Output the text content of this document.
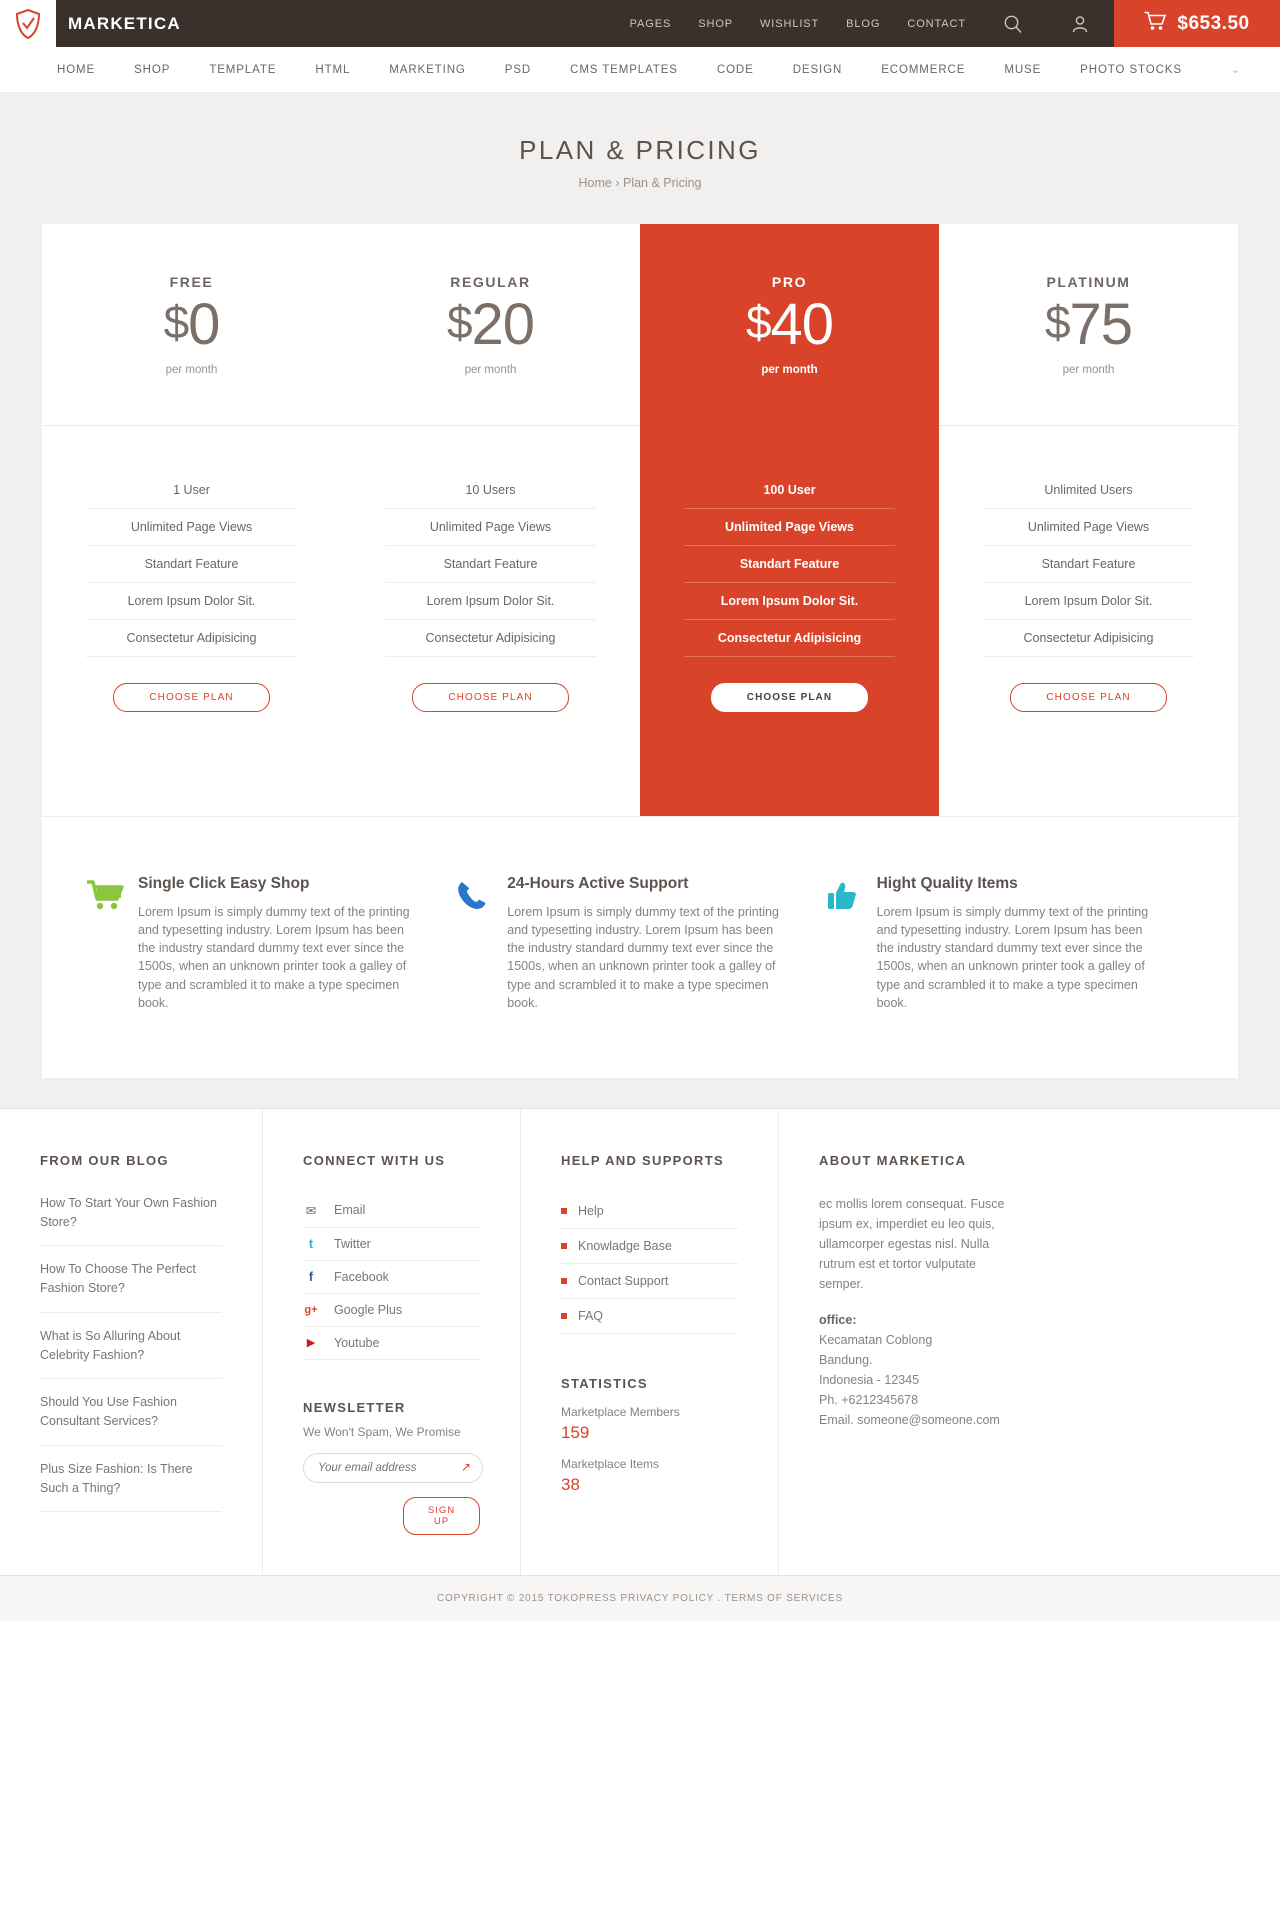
MARKETICA	PAGES SHOP WISHLIST BLOG CONTACT	$653.50
HOME	SHOP	TEMPLATE	HTML	MARKETING	PSD	CMS TEMPLATES	CODE	DESIGN	ECOMMERCE	MUSE	PHOTO STOCKS	⌄
PLAN & PRICING
Home › Plan & Pricing
FREE
$0
per month
1 User
Unlimited Page Views
Standart Feature
Lorem Ipsum Dolor Sit.
Consectetur Adipisicing
CHOOSE PLAN
REGULAR
$20
per month
10 Users
Unlimited Page Views
Standart Feature
Lorem Ipsum Dolor Sit.
Consectetur Adipisicing
CHOOSE PLAN
PRO
$40
per month
100 User
Unlimited Page Views
Standart Feature
Lorem Ipsum Dolor Sit.
Consectetur Adipisicing
CHOOSE PLAN
PLATINUM
$75
per month
Unlimited Users
Unlimited Page Views
Standart Feature
Lorem Ipsum Dolor Sit.
Consectetur Adipisicing
CHOOSE PLAN
Single Click Easy Shop

Lorem Ipsum is simply dummy text of the printing and typesetting industry. Lorem Ipsum has been the industry standard dummy text ever since the 1500s, when an unknown printer took a galley of type and scrambled it to make a type specimen book.

24-Hours Active Support

Lorem Ipsum is simply dummy text of the printing and typesetting industry. Lorem Ipsum has been the industry standard dummy text ever since the 1500s, when an unknown printer took a galley of type and scrambled it to make a type specimen book.

Hight Quality Items

Lorem Ipsum is simply dummy text of the printing and typesetting industry. Lorem Ipsum has been the industry standard dummy text ever since the 1500s, when an unknown printer took a galley of type and scrambled it to make a type specimen book.

FROM OUR BLOG
How To Start Your Own Fashion Store?
How To Choose The Perfect Fashion Store?
What is So Alluring About Celebrity Fashion?
Should You Use Fashion Consultant Services?
Plus Size Fashion: Is There Such a Thing?
CONNECT WITH US
✉ Email
t	Twitter
f	Facebook
g+ Google Plus
▶	Youtube
NEWSLETTER
We Won't Spam, We Promise
Your email address
↗
SIGN UP
HELP AND SUPPORTS
Help
Knowladge Base
Contact Support
FAQ
STATISTICS
Marketplace Members
159
Marketplace Items
38
ABOUT MARKETICA

ec mollis lorem consequat. Fusce ipsum ex, imperdiet eu leo quis, ullamcorper egestas nisl. Nulla rutrum est et tortor vulputate semper.

office:
Kecamatan Coblong
Bandung.
Indonesia - 12345
Ph. +6212345678
Email. someone@someone.com
COPYRIGHT © 2015 TOKOPRESS PRIVACY POLICY . TERMS OF SERVICES
